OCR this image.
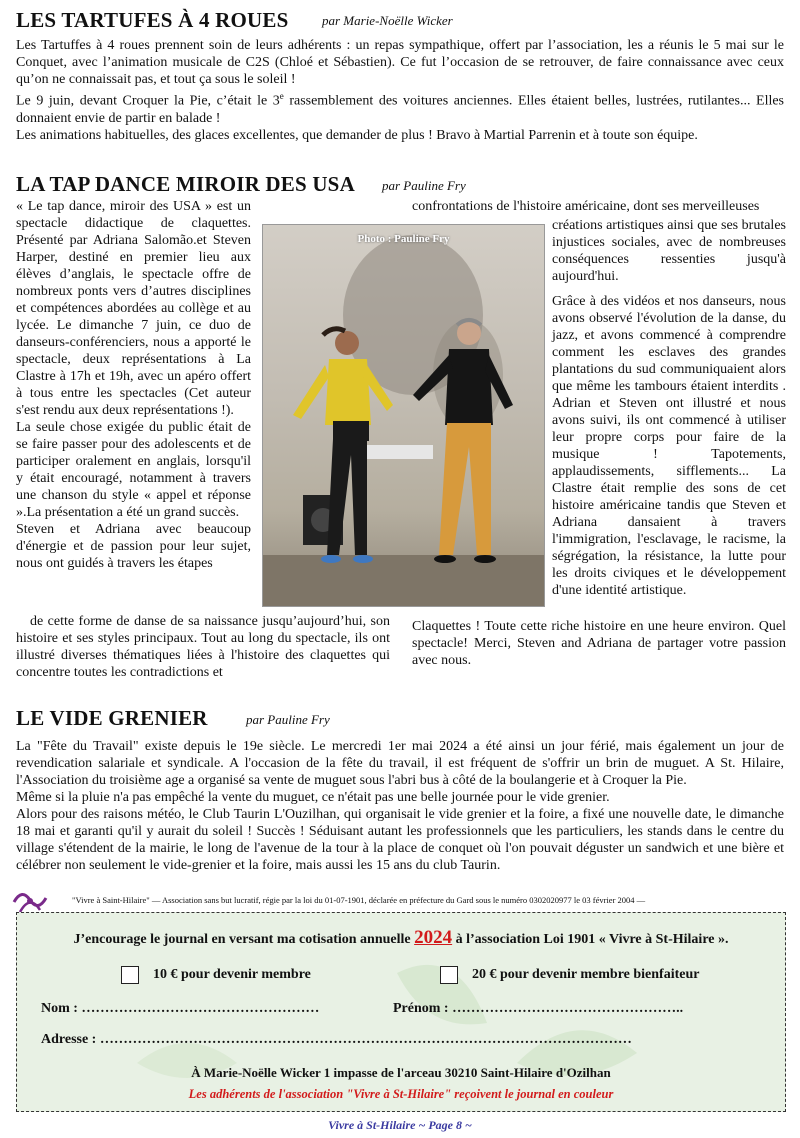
LES TARTUFES À 4 ROUES	par Marie-Noëlle Wicker

Les Tartuffes à 4 roues prennent soin de leurs adhérents : un repas sympathique, offert par l’association, les a réunis le 5 mai sur le Conquet, avec l’animation musicale de C2S (Chloé et Sébastien). Ce fut l’occasion de se retrouver, de faire connaissance avec ceux qu’on ne connaissait pas, et tout ça sous le soleil !

Le 9 juin, devant Croquer la Pie, c’était le 3e rassemblement des voitures anciennes. Elles étaient belles, lustrées, rutilantes... Elles donnaient envie de partir en balade !

Les animations habituelles, des glaces excellentes, que demander de plus ! Bravo à Martial Parrenin et à toute son équipe.

LA TAP DANCE MIROIR DES USA par Pauline Fry

« Le tap dance, miroir des USA » est un spectacle didactique de claquettes. Présenté par Adriana Salomão.et Steven Harper, destiné en premier lieu aux élèves d’anglais, le spectacle offre de nombreux ponts vers d’autres disciplines et compétences abordées au collège et au lycée. Le dimanche 7 juin, ce duo de danseurs-conférenciers, nous a apporté le spectacle, deux représentations à La Clastre à 17h et 19h, avec un apéro offert à tous entre les spectacles (Cet auteur s'est rendu aux deux représentations !).

La seule chose exigée du public était de se faire passer pour des adolescents et de participer oralement en anglais, lorsqu'il y était encouragé, notamment à travers une chanson du style « appel et réponse ».La présentation a été un grand succès.

Steven et Adriana avec beaucoup d'énergie et de passion pour leur sujet, nous ont guidés à travers les étapes

de cette forme de danse de sa naissance jusqu’aujourd’hui, son histoire et ses styles principaux. Tout au long du spectacle, ils ont illustré diverses thématiques liées à l'histoire des claquettes qui concentre toutes les contradictions et

confrontations de l'histoire américaine, dont ses merveilleuses

créations artistiques ainsi que ses brutales injustices sociales, avec de nombreuses conséquences ressenties jusqu'à aujourd'hui.

Grâce à des vidéos et nos danseurs, nous avons observé l'évolution de la danse, du jazz, et avons commencé à comprendre comment les esclaves des grandes plantations du sud communiquaient alors que même les tambours étaient interdits . Adrian et Steven ont illustré et nous avons suivi, ils ont commencé à utiliser leur propre corps pour faire de la musique ! Tapotements, applaudissements, sifflements... La Clastre était remplie des sons de cet histoire américaine tandis que Steven et Adriana dansaient à travers l'immigration, l'esclavage, le racisme, la ségrégation, la résistance, la lutte pour les droits civiques et le développement d'une identité artistique.

Claquettes ! Toute cette riche histoire en une heure environ. Quel spectacle! Merci, Steven and Adriana de partager votre passion avec nous.

Photo : Pauline Fry
LE VIDE GRENIER	par Pauline Fry

La "Fête du Travail" existe depuis le 19e siècle. Le mercredi 1er mai 2024 a été ainsi un jour férié, mais également un jour de revendication salariale et syndicale. A l'occasion de la fête du travail, il est fréquent de s'offrir un brin de muguet. A St. Hilaire, l'Association du troisième age a organisé sa vente de muguet sous l'abri bus à côté de la boulangerie et à Croquer la Pie.

Même si la pluie n'a pas empêché la vente du muguet, ce n'était pas une belle journée pour le vide grenier.

Alors pour des raisons météo, le Club Taurin L'Ouzilhan, qui organisait le vide grenier et la foire, a fixé une nouvelle date, le dimanche 18 mai et garanti qu'il y aurait du soleil ! Succès ! Séduisant autant les professionnels que les particuliers, les stands dans le centre du village s'étendent de la mairie, le long de l'avenue de la tour à la place de conquet où l'on pouvait déguster un sandwich et une bière et célébrer non seulement le vide-grenier et la foire, mais aussi les 15 ans du club Taurin.

"Vivre à Saint-Hilaire" — Association sans but lucratif, régie par la loi du 01-07-1901, déclarée en préfecture du Gard sous le numéro 0302020977 le 03 février 2004 —
J’encourage le journal en versant ma cotisation annuelle 2024 à l’association Loi 1901 « Vivre à St-Hilaire ».
10 € pour devenir membre	20 € pour devenir membre bienfaiteur
Nom : ……………………………………………	Prénom : …………………………………………..
Adresse : ……………………………………………………………………………………………………
À Marie-Noëlle Wicker 1 impasse de l'arceau 30210 Saint-Hilaire d'Ozilhan
Les adhérents de l'association "Vivre à St-Hilaire" reçoivent le journal en couleur
Vivre à St-Hilaire ~ Page 8 ~
